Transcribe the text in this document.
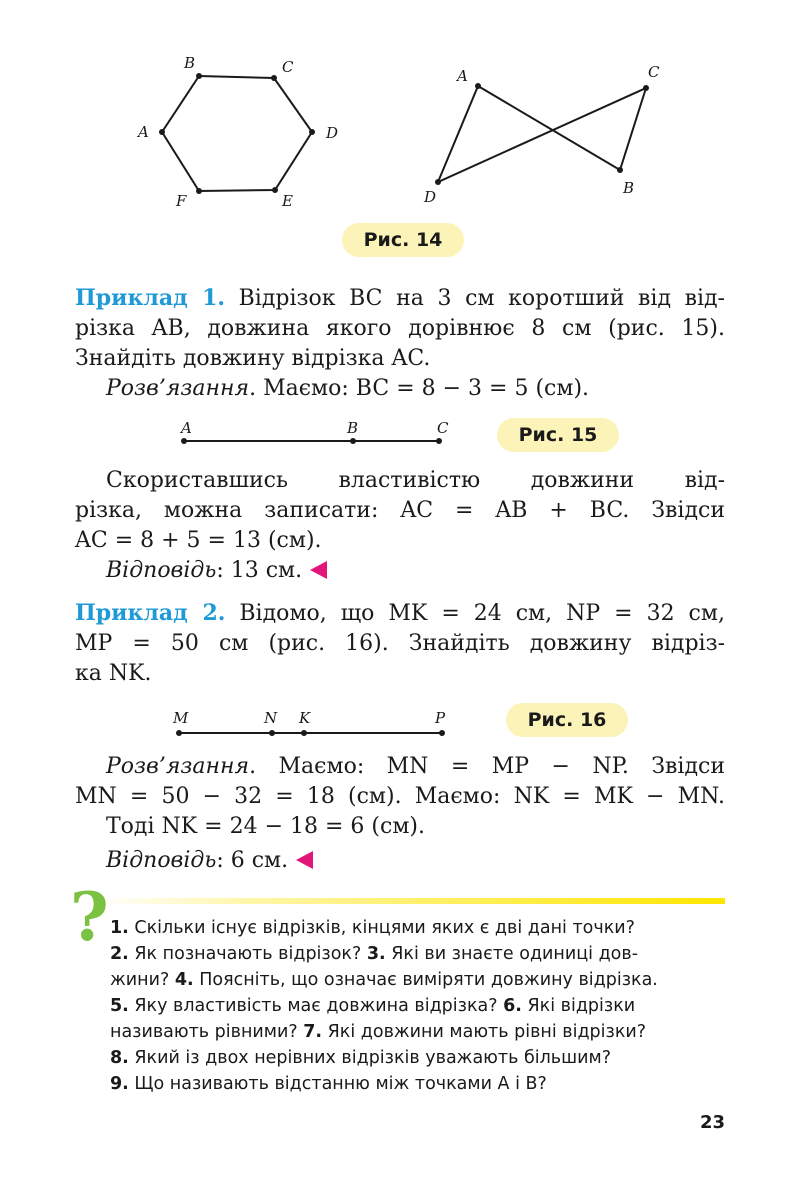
A
B	C
D
E
F
A	C
B
D
Рис. 14
Приклад 1. Відрізок BC на 3 см коротший від від-
різка AB, довжина якого дорівнює 8 см (рис. 15).
Знайдіть довжину відрізка AC.
Розв’язання. Маємо: BC = 8 − 3 = 5 (см).
A	B	C	Рис. 15
Скориставшись властивістю довжини від-
різка, можна записати: AC = AB + BC. Звідси
AC = 8 + 5 = 13 (см).
Відповідь: 13 см.
Приклад 2. Відомо, що MK = 24 см, NP = 32 см,
MP = 50 см (рис. 16). Знайдіть довжину відріз-
ка NK.
M	N K	P	Рис. 16
Розв’язання. Маємо: MN = MP − NP. Звідси
MN = 50 − 32 = 18 (см). Маємо: NK = MK − MN.
Тоді NK = 24 − 18 = 6 (см).
Відповідь: 6 см.
? 1. Скільки існує відрізків, кінцями яких є дві дані точки?
2. Як позначають відрізок? 3. Які ви знаєте одиниці дов-
жини? 4. Поясніть, що означає виміряти довжину відрізка.
5. Яку властивість має довжина відрізка? 6. Які відрізки
називають рівними? 7. Які довжини мають рівні відрізки?
8. Який із двох нерівних відрізків уважають більшим?
9. Що називають відстанню між точками A і B?
23
